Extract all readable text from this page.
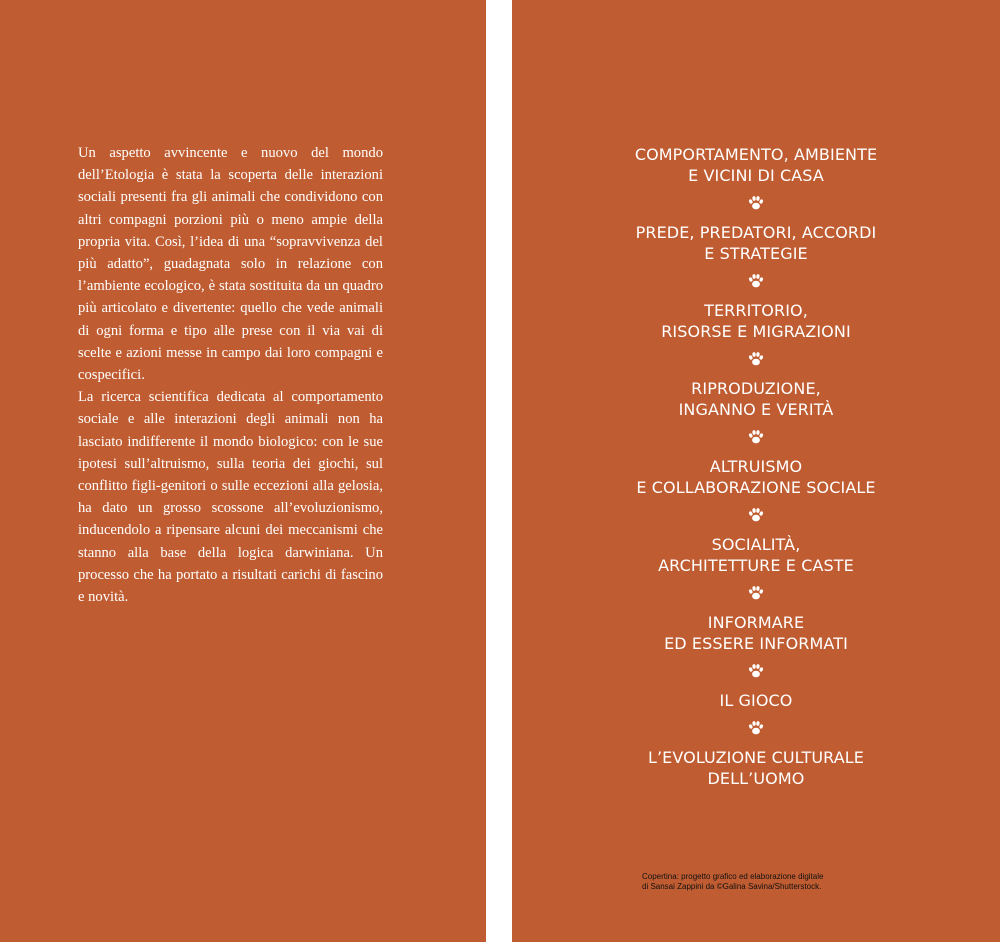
Un aspetto avvincente e nuovo del mondo dell’Etologia è stata la scoperta delle interazioni sociali presenti fra gli animali che condividono con altri compagni porzioni più o meno ampie della propria vita. Così, l’idea di una “sopravvivenza del più adatto”, guadagnata solo in relazione con l’ambiente ecologico, è stata sostituita da un quadro più articolato e divertente: quello che vede animali di ogni forma e tipo alle prese con il via vai di scelte e azioni messe in campo dai loro compagni e cospecifici.

La ricerca scientifica dedicata al comportamento sociale e alle interazioni degli animali non ha lasciato indifferente il mondo biologico: con le sue ipotesi sull’altruismo, sulla teoria dei giochi, sul conflitto figli-genitori o sulle eccezioni alla gelosia, ha dato un grosso scossone all’evoluzionismo, inducendolo a ripensare alcuni dei meccanismi che stanno alla base della logica darwiniana. Un processo che ha portato a risultati carichi di fascino e novità.

COMPORTAMENTO, AMBIENTE
E VICINI DI CASA
PREDE, PREDATORI, ACCORDI
E STRATEGIE
TERRITORIO,
RISORSE E MIGRAZIONI
RIPRODUZIONE,
INGANNO E VERITÀ
ALTRUISMO
E COLLABORAZIONE SOCIALE
SOCIALITÀ,
ARCHITETTURE E CASTE
INFORMARE
ED ESSERE INFORMATI
IL GIOCO
L’EVOLUZIONE CULTURALE
DELL’UOMO
Copertina: progetto grafico ed elaborazione digitale
di Sansai Zappini da ©Galina Savina/Shutterstock.
